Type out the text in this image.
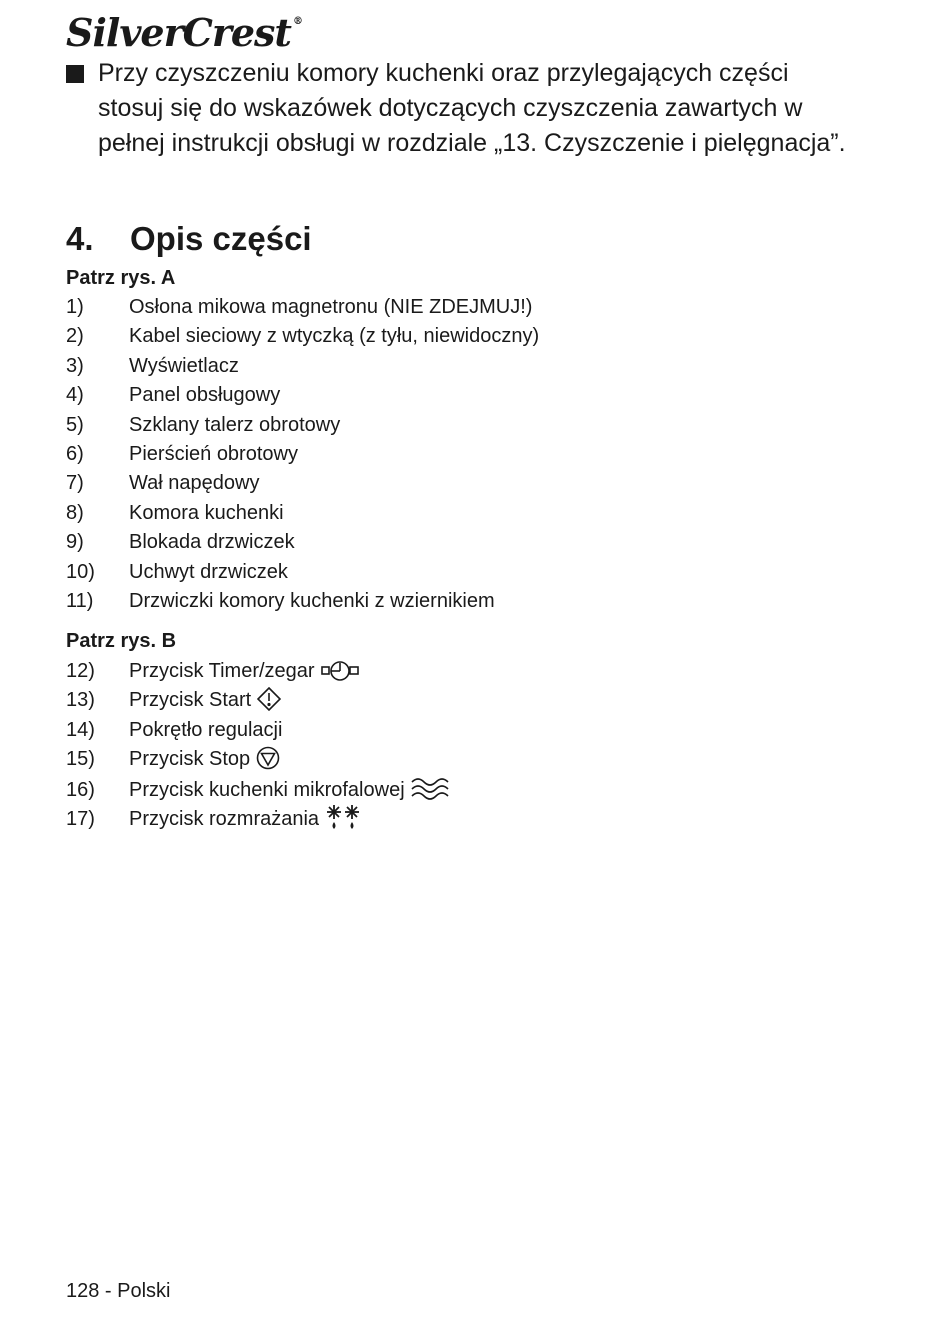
SilverCrest ®
Przy czyszczeniu komory kuchenki oraz przylegających części stosuj się do wskazówek dotyczących czyszczenia zawartych w pełnej instrukcji obsługi w rozdziale „13. Czyszczenie i pielęgnacja”.
4. Opis części
Patrz rys. A
1) Osłona mikowa magnetronu (NIE ZDEJMUJ!)
2) Kabel sieciowy z wtyczką (z tyłu, niewidoczny)
3) Wyświetlacz
4) Panel obsługowy
5) Szklany talerz obrotowy
6) Pierścień obrotowy
7) Wał napędowy
8) Komora kuchenki
9) Blokada drzwiczek
10) Uchwyt drzwiczek
11) Drzwiczki komory kuchenki z wziernikiem
Patrz rys. B
12) Przycisk Timer/zegar
13) Przycisk Start
14) Pokrętło regulacji
15) Przycisk Stop
16) Przycisk kuchenki mikrofalowej
17) Przycisk rozmrażania
128 - Polski
